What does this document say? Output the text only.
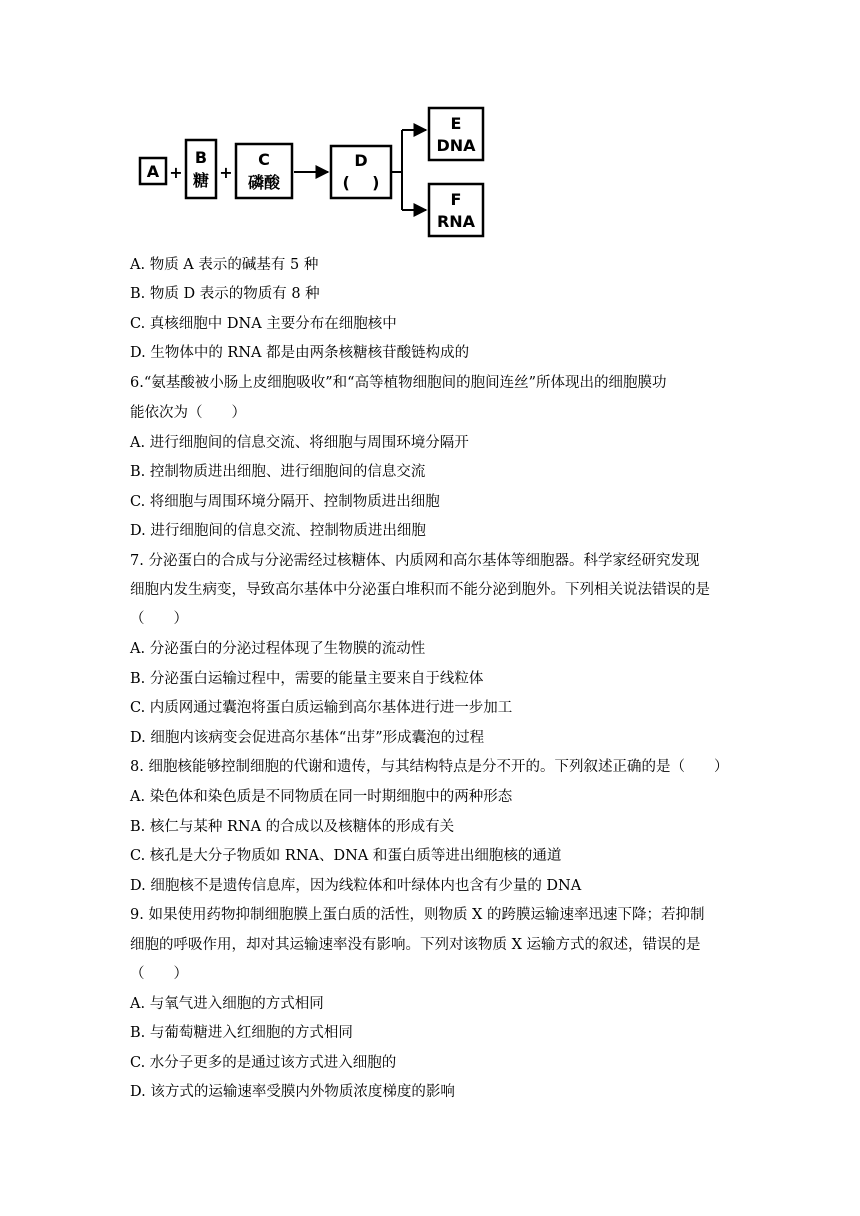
A +
B
糖 +
C
磷酸
D
(    )
E
DNA
F
RNA
A. 物质 A 表示的碱基有 5 种
B. 物质 D 表示的物质有 8 种
C. 真核细胞中 DNA 主要分布在细胞核中
D. 生物体中的 RNA 都是由两条核糖核苷酸链构成的
6.“氨基酸被小肠上皮细胞吸收”和“高等植物细胞间的胞间连丝”所体现出的细胞膜功
能依次为（　　）
A. 进行细胞间的信息交流、将细胞与周围环境分隔开
B. 控制物质进出细胞、进行细胞间的信息交流
C. 将细胞与周围环境分隔开、控制物质进出细胞
D. 进行细胞间的信息交流、控制物质进出细胞
7. 分泌蛋白的合成与分泌需经过核糖体、内质网和高尔基体等细胞器。科学家经研究发现
细胞内发生病变，导致高尔基体中分泌蛋白堆积而不能分泌到胞外。下列相关说法错误的是
（　　）
A. 分泌蛋白的分泌过程体现了生物膜的流动性
B. 分泌蛋白运输过程中，需要的能量主要来自于线粒体
C. 内质网通过囊泡将蛋白质运输到高尔基体进行进一步加工
D. 细胞内该病变会促进高尔基体“出芽”形成囊泡的过程
8. 细胞核能够控制细胞的代谢和遗传，与其结构特点是分不开的。下列叙述正确的是（　　）
A. 染色体和染色质是不同物质在同一时期细胞中的两种形态
B. 核仁与某种 RNA 的合成以及核糖体的形成有关
C. 核孔是大分子物质如 RNA、DNA 和蛋白质等进出细胞核的通道
D. 细胞核不是遗传信息库，因为线粒体和叶绿体内也含有少量的 DNA
9. 如果使用药物抑制细胞膜上蛋白质的活性，则物质 X 的跨膜运输速率迅速下降；若抑制
细胞的呼吸作用，却对其运输速率没有影响。下列对该物质 X 运输方式的叙述，错误的是
（　　）
A. 与氧气进入细胞的方式相同
B. 与葡萄糖进入红细胞的方式相同
C. 水分子更多的是通过该方式进入细胞的
D. 该方式的运输速率受膜内外物质浓度梯度的影响
